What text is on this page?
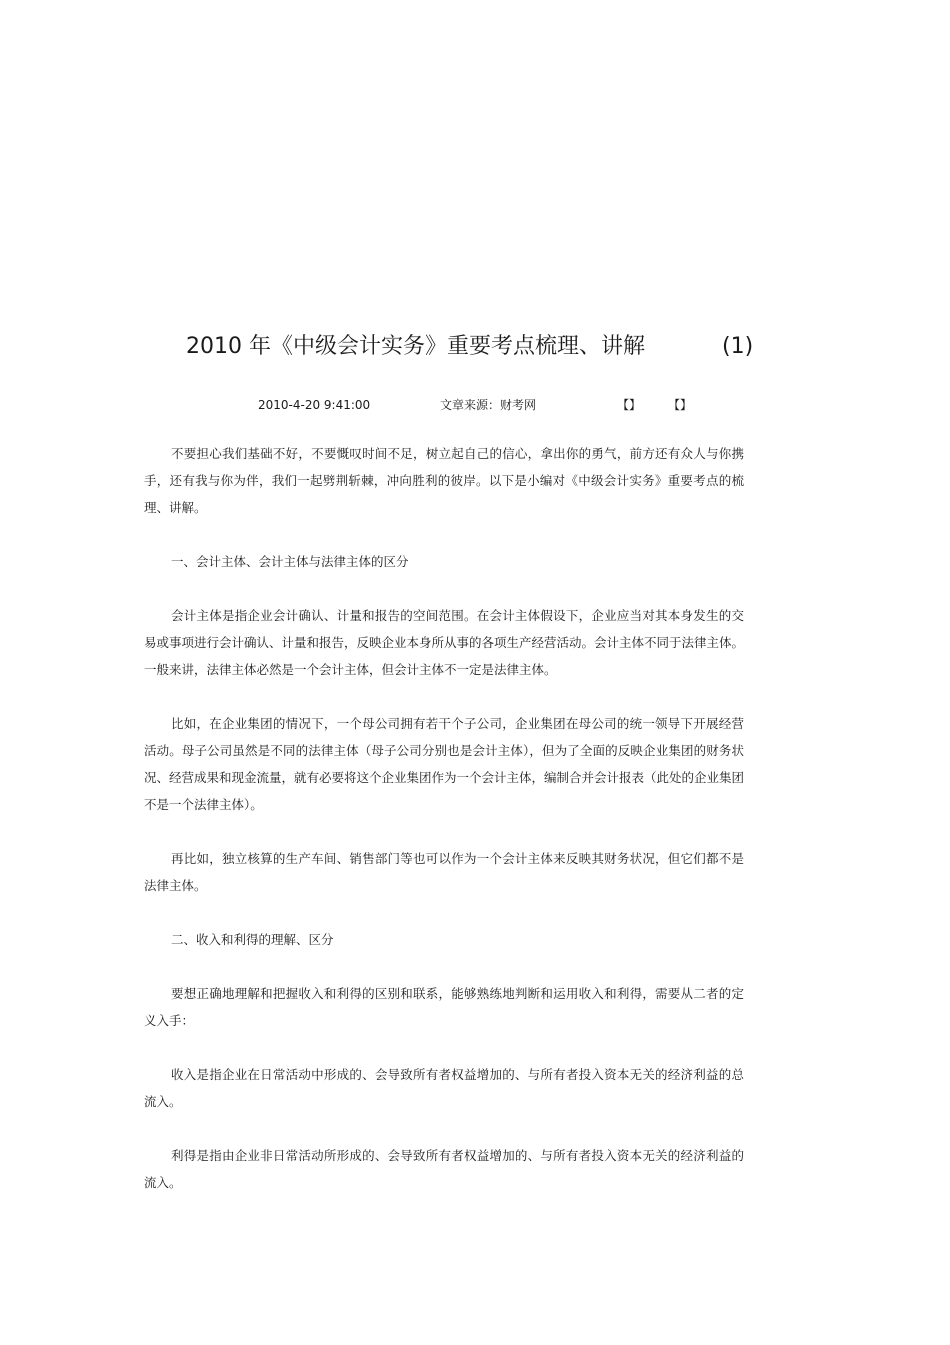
2010 年《中级会计实务》重要考点梳理、讲解	(1)
2010-4-20 9:41:00	文章来源：财考网	【】 【】

不要担心我们基础不好，不要慨叹时间不足，树立起自己的信心，拿出你的勇气，前方还有众人与你携手，还有我与你为伴，我们一起劈荆斩棘，冲向胜利的彼岸。以下是小编对《中级会计实务》重要考点的梳理、讲解。

一、会计主体、会计主体与法律主体的区分

会计主体是指企业会计确认、计量和报告的空间范围。在会计主体假设下，企业应当对其本身发生的交易或事项进行会计确认、计量和报告，反映企业本身所从事的各项生产经营活动。会计主体不同于法律主体。一般来讲，法律主体必然是一个会计主体，但会计主体不一定是法律主体。

比如，在企业集团的情况下，一个母公司拥有若干个子公司，企业集团在母公司的统一领导下开展经营活动。母子公司虽然是不同的法律主体（母子公司分别也是会计主体），但为了全面的反映企业集团的财务状况、经营成果和现金流量，就有必要将这个企业集团作为一个会计主体，编制合并会计报表（此处的企业集团不是一个法律主体）。

再比如，独立核算的生产车间、销售部门等也可以作为一个会计主体来反映其财务状况，但它们都不是法律主体。

二、收入和利得的理解、区分

要想正确地理解和把握收入和利得的区别和联系，能够熟练地判断和运用收入和利得，需要从二者的定义入手：

收入是指企业在日常活动中形成的、会导致所有者权益增加的、与所有者投入资本无关的经济利益的总流入。

利得是指由企业非日常活动所形成的、会导致所有者权益增加的、与所有者投入资本无关的经济利益的流入。
